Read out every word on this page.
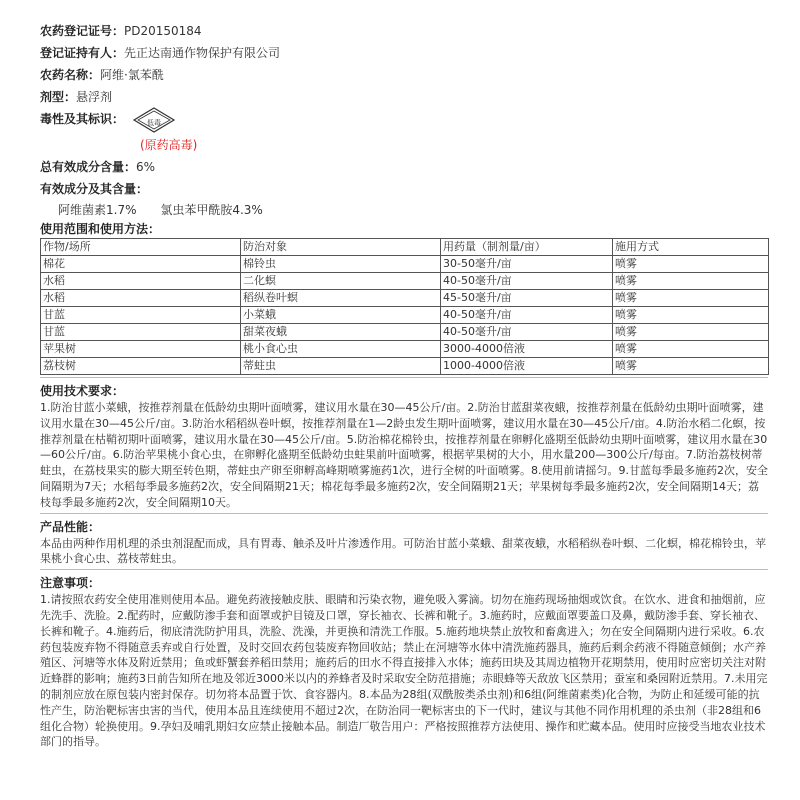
农药登记证号：PD20150184
登记证持有人：先正达南通作物保护有限公司
农药名称：阿维·氯苯酰
剂型：悬浮剂
毒性及其标识：	低毒
(原药高毒)
总有效成分含量：6%
有效成分及其含量：
阿维菌素1.7% 氯虫苯甲酰胺4.3%
使用范围和使用方法：
作物/场所	防治对象	用药量（制剂量/亩）	施用方式
棉花	棉铃虫	30-50毫升/亩	喷雾
水稻	二化螟	40-50毫升/亩	喷雾
水稻	稻纵卷叶螟	45-50毫升/亩	喷雾
甘蓝	小菜蛾	40-50毫升/亩	喷雾
甘蓝	甜菜夜蛾	40-50毫升/亩	喷雾
苹果树	桃小食心虫	3000-4000倍液	喷雾
荔枝树	蒂蛀虫	1000-4000倍液	喷雾
使用技术要求：
1.防治甘蓝小菜蛾，按推荐剂量在低龄幼虫期叶面喷雾，建议用水量在30—45公斤/亩。2.防治甘蓝甜菜夜蛾，按推荐剂量在低龄幼虫期叶面喷雾，建议用水量在30—45公斤/亩。3.防治水稻稻纵卷叶螟，按推荐剂量在1—2龄虫发生期叶面喷雾，建议用水量在30—45公斤/亩。4.防治水稻二化螟，按推荐剂量在枯鞘初期叶面喷雾，建议用水量在30—45公斤/亩。5.防治棉花棉铃虫，按推荐剂量在卵孵化盛期至低龄幼虫期叶面喷雾，建议用水量在30—60公斤/亩。6.防治苹果桃小食心虫，在卵孵化盛期至低龄幼虫蛀果前叶面喷雾，根据苹果树的大小，用水量200—300公斤/每亩。7.防治荔枝树蒂蛀虫，在荔枝果实的膨大期至转色期，蒂蛀虫产卵至卵孵高峰期喷雾施药1次，进行全树的叶面喷雾。8.使用前请摇匀。9.甘蓝每季最多施药2次，安全间隔期为7天；水稻每季最多施药2次，安全间隔期21天；棉花每季最多施药2次，安全间隔期21天；苹果树每季最多施药2次，安全间隔期14天；荔枝每季最多施药2次，安全间隔期10天。
产品性能：
本品由两种作用机理的杀虫剂混配而成，具有胃毒、触杀及叶片渗透作用。可防治甘蓝小菜蛾、甜菜夜蛾，水稻稻纵卷叶螟、二化螟，棉花棉铃虫，苹果桃小食心虫、荔枝蒂蛀虫。
注意事项：
1.请按照农药安全使用准则使用本品。避免药液接触皮肤、眼睛和污染衣物，避免吸入雾滴。切勿在施药现场抽烟或饮食。在饮水、进食和抽烟前，应先洗手、洗脸。2.配药时，应戴防渗手套和面罩或护目镜及口罩，穿长袖衣、长裤和靴子。3.施药时，应戴面罩要盖口及鼻，戴防渗手套、穿长袖衣、长裤和靴子。4.施药后，彻底清洗防护用具，洗脸、洗澡，并更换和清洗工作服。5.施药地块禁止放牧和畜禽进入；勿在安全间隔期内进行采收。6.农药包装废弃物不得随意丢弃或自行处置，及时交回农药包装废弃物回收站；禁止在河塘等水体中清洗施药器具，施药后剩余药液不得随意倾倒；水产养殖区、河塘等水体及附近禁用；鱼或虾蟹套养稻田禁用；施药后的田水不得直接排入水体；施药田块及其周边植物开花期禁用，使用时应密切关注对附近蜂群的影响；施药3日前告知所在地及邻近3000米以内的养蜂者及时采取安全防范措施；赤眼蜂等天敌放飞区禁用；蚕室和桑园附近禁用。7.未用完的制剂应放在原包装内密封保存。切勿将本品置于饮、食容器内。8.本品为28组(双酰胺类杀虫剂)和6组(阿维菌素类)化合物，为防止和延缓可能的抗性产生，防治靶标害虫害的当代，使用本品且连续使用不超过2次，在防治同一靶标害虫的下一代时，建议与其他不同作用机理的杀虫剂（非28组和6组化合物）轮换使用。9.孕妇及哺乳期妇女应禁止接触本品。制造厂敬告用户：严格按照推荐方法使用、操作和贮藏本品。使用时应接受当地农业技术部门的指导。
